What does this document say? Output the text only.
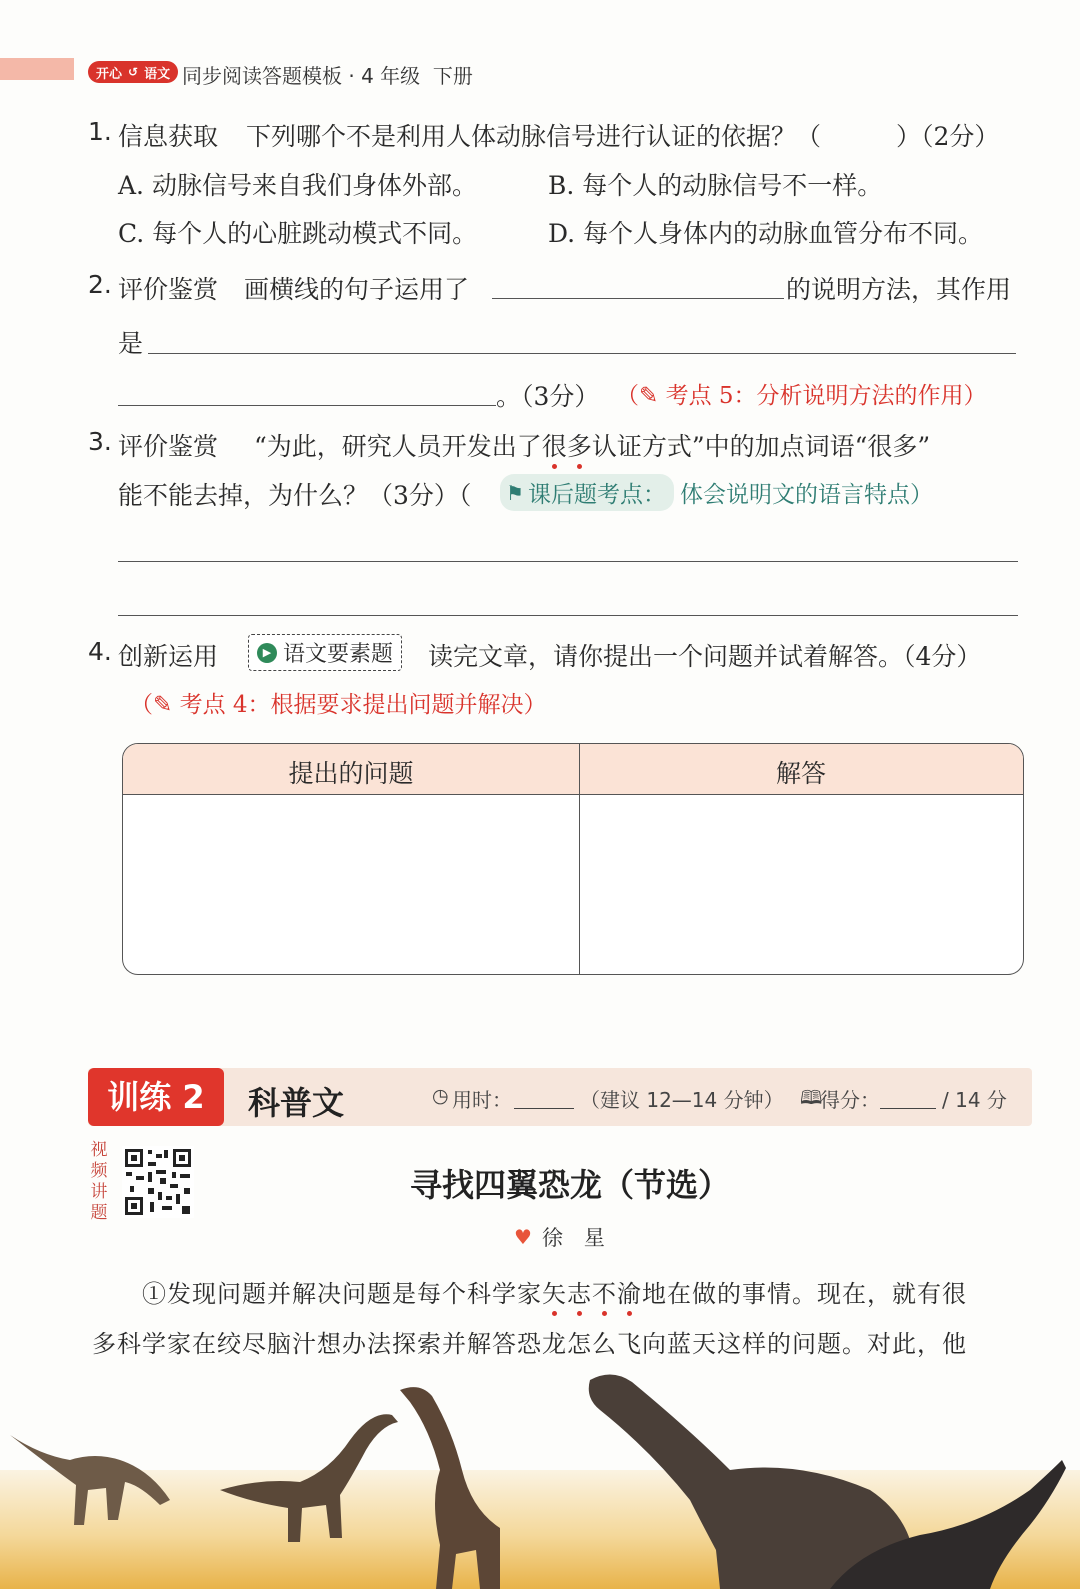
开心 ↺ 语文 同步阅读答题模板 · 4 年级  下册
1. 信息获取 下列哪个不是利用人体动脉信号进行认证的依据？（　　　）（2分）
A. 动脉信号来自我们身体外部。	B. 每个人的动脉信号不一样。
C. 每个人的心脏跳动模式不同。	D. 每个人身体内的动脉血管分布不同。
2. 评价鉴赏 画横线的句子运用了	的说明方法，其作用
是
。（3分） （✎ 考点 5：分析说明方法的作用）
3. 评价鉴赏 “为此，研究人员开发出了很多认证方式”中的加点词语“很多”
能不能去掉，为什么？（3分）（ ⚑ 课后题考点： 体会说明文的语言特点）
4. 创新运用	▶ 语文要素题 读完文章，请你提出一个问题并试着解答。（4分）
（✎ 考点 4：根据要求提出问题并解决）
提出的问题	解答
训练 2	科普文	◷ 用时：	（建议 12—14 分钟） 🕮
得分：	/ 14 分
视
频
讲
题
寻找四翼恐龙（节选）
♥ 徐　星
①发现问题并解决问题是每个科学家矢志不渝地在做的事情。现在，就有很
多科学家在绞尽脑汁想办法探索并解答恐龙怎么飞向蓝天这样的问题。对此，他
